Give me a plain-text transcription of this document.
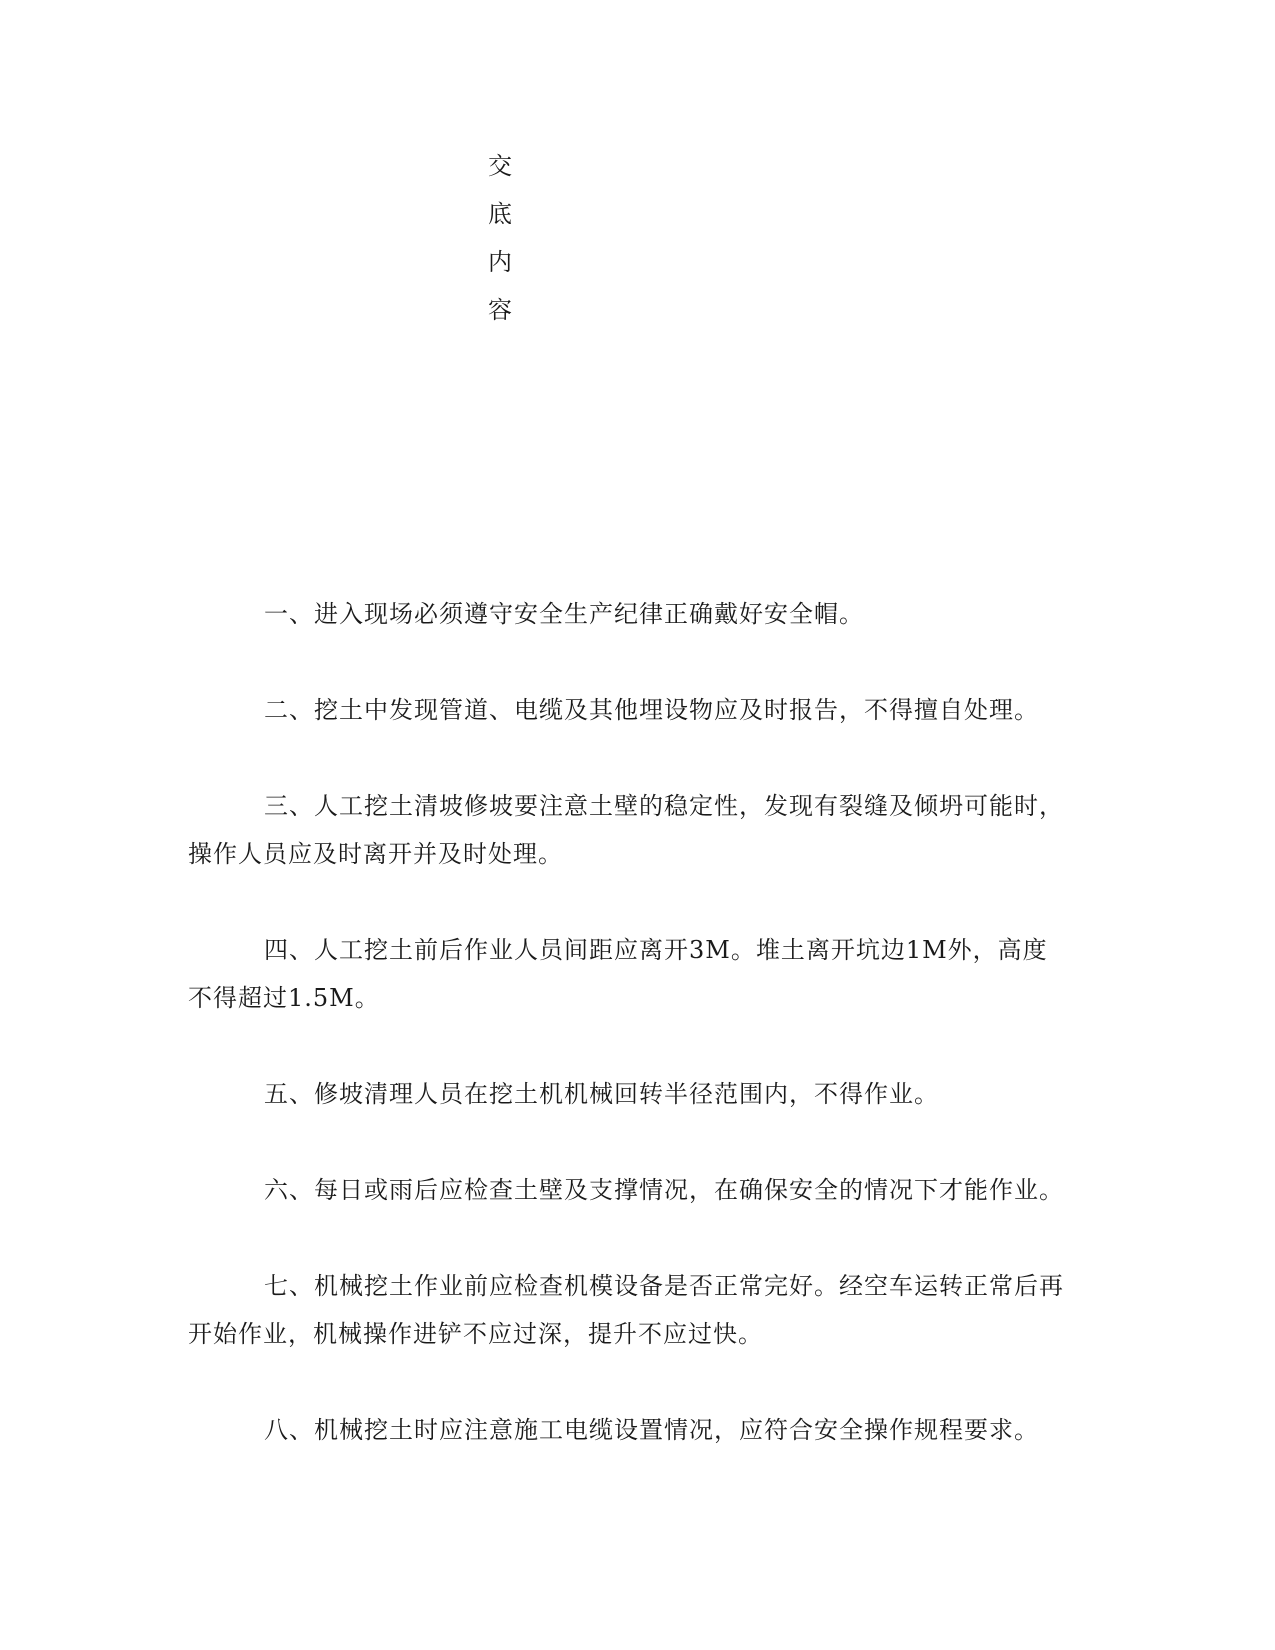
交
底
内
容

一、进入现场必须遵守安全生产纪律正确戴好安全帽。

二、挖土中发现管道、电缆及其他埋设物应及时报告，不得擅自处理。

三、人工挖土清坡修坡要注意土壁的稳定性，发现有裂缝及倾坍可能时，操作人员应及时离开并及时处理。

四、人工挖土前后作业人员间距应离开3M。堆土离开坑边1M外，高度不得超过1.5M。

五、修坡清理人员在挖土机机械回转半径范围内，不得作业。

六、每日或雨后应检查土壁及支撑情况，在确保安全的情况下才能作业。

七、机械挖土作业前应检查机模设备是否正常完好。经空车运转正常后再开始作业，机械操作进铲不应过深，提升不应过快。

八、机械挖土时应注意施工电缆设置情况，应符合安全操作规程要求。
